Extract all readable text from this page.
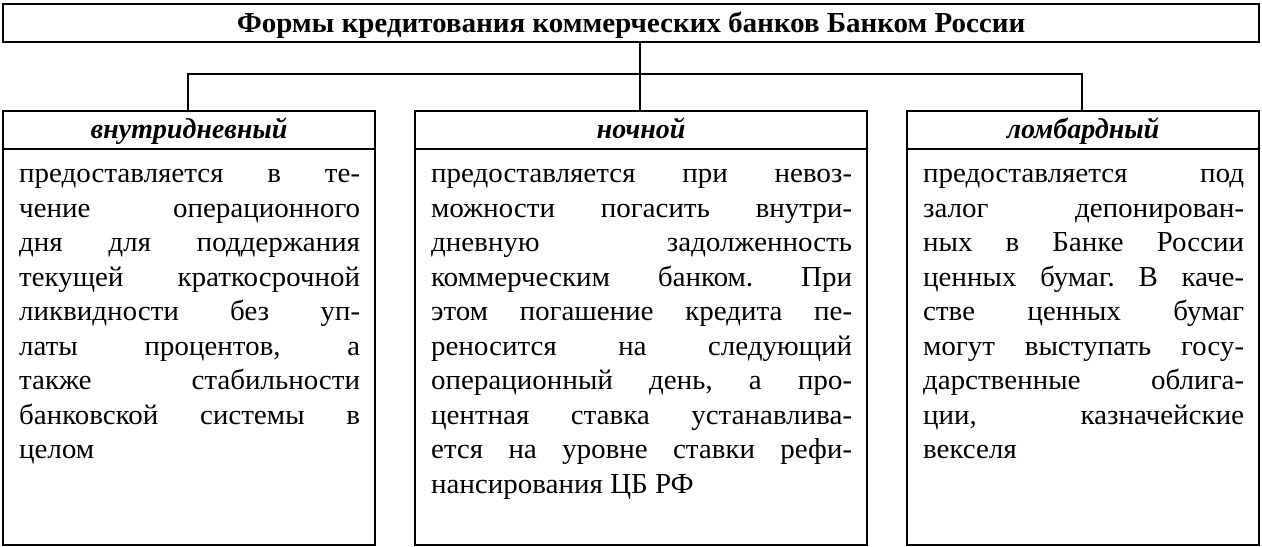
Формы кредитования коммерческих банков Банком России
внутридневный
предоставляется в те-
чение операционного
дня для поддержания
текущей краткосрочной
ликвидности без уп-
латы процентов, а
также стабильности
банковской системы в
целом
ночной
предоставляется при невоз-
можности погасить внутри-
дневную задолженность
коммерческим банком. При
этом погашение кредита пе-
реносится на следующий
операционный день, а про-
центная ставка устанавлива-
ется на уровне ставки рефи-
нансирования ЦБ РФ
ломбардный
предоставляется под
залог депонирован-
ных в Банке России
ценных бумаг. В каче-
стве ценных бумаг
могут выступать госу-
дарственные облига-
ции, казначейские
векселя
